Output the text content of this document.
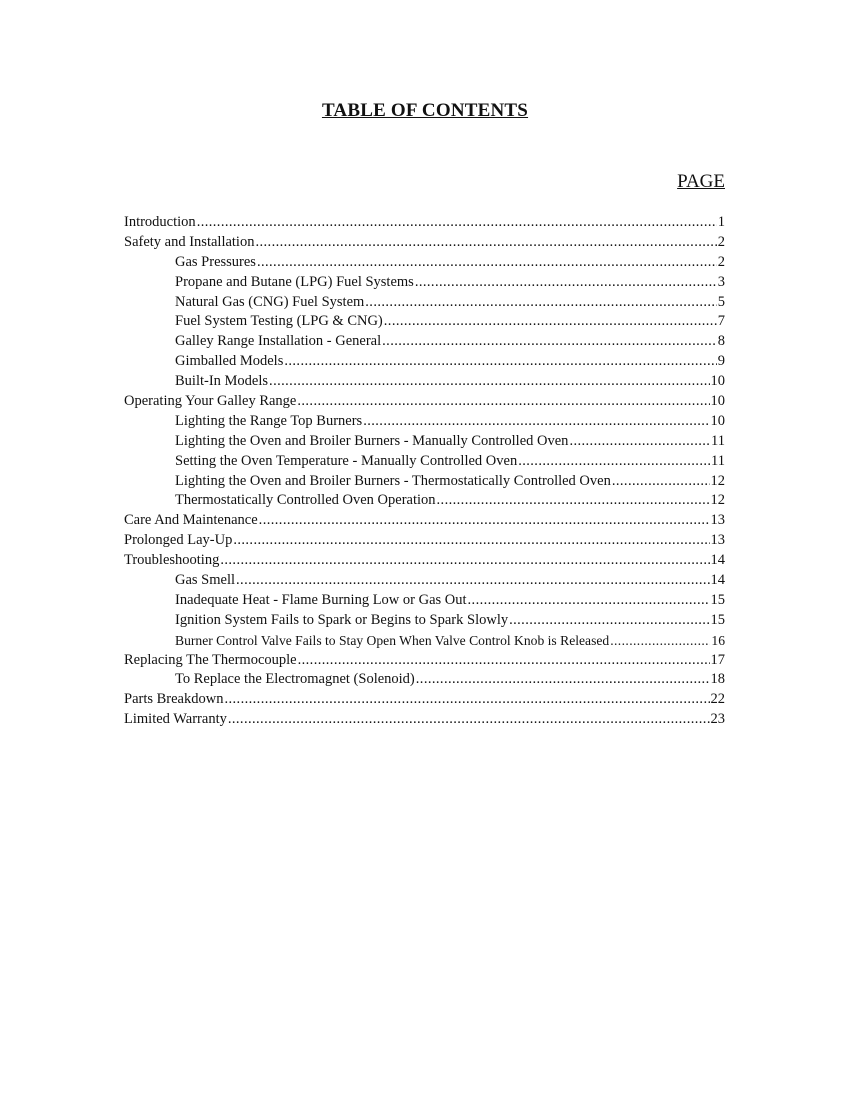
TABLE OF CONTENTS
PAGE
Introduction .....	1
Safety and Installation .....	2
Gas Pressures .....	2
Propane and Butane (LPG) Fuel Systems .....	3
Natural Gas (CNG) Fuel System .....	5
Fuel System Testing (LPG & CNG) .....	7
Galley Range Installation - General .....	8
Gimballed Models .....	9
Built-In Models .....	10
Operating Your Galley Range .....	10
Lighting the Range Top Burners .....	10
Lighting the Oven and Broiler Burners - Manually Controlled Oven .....	11
Setting the Oven Temperature - Manually Controlled Oven .....	11
Lighting the Oven and Broiler Burners - Thermostatically Controlled Oven .....	12
Thermostatically Controlled Oven Operation .....	12
Care And Maintenance .....	13
Prolonged Lay-Up .....	13
Troubleshooting .....	14
Gas Smell .....	14
Inadequate Heat - Flame Burning Low or Gas Out .....	15
Ignition System Fails to Spark or Begins to Spark Slowly .....	15
Burner Control Valve Fails to Stay Open When Valve Control Knob is Released .....	16
Replacing The Thermocouple .....	17
To Replace the Electromagnet (Solenoid) .....	18
Parts Breakdown .....	22
Limited Warranty .....	23
